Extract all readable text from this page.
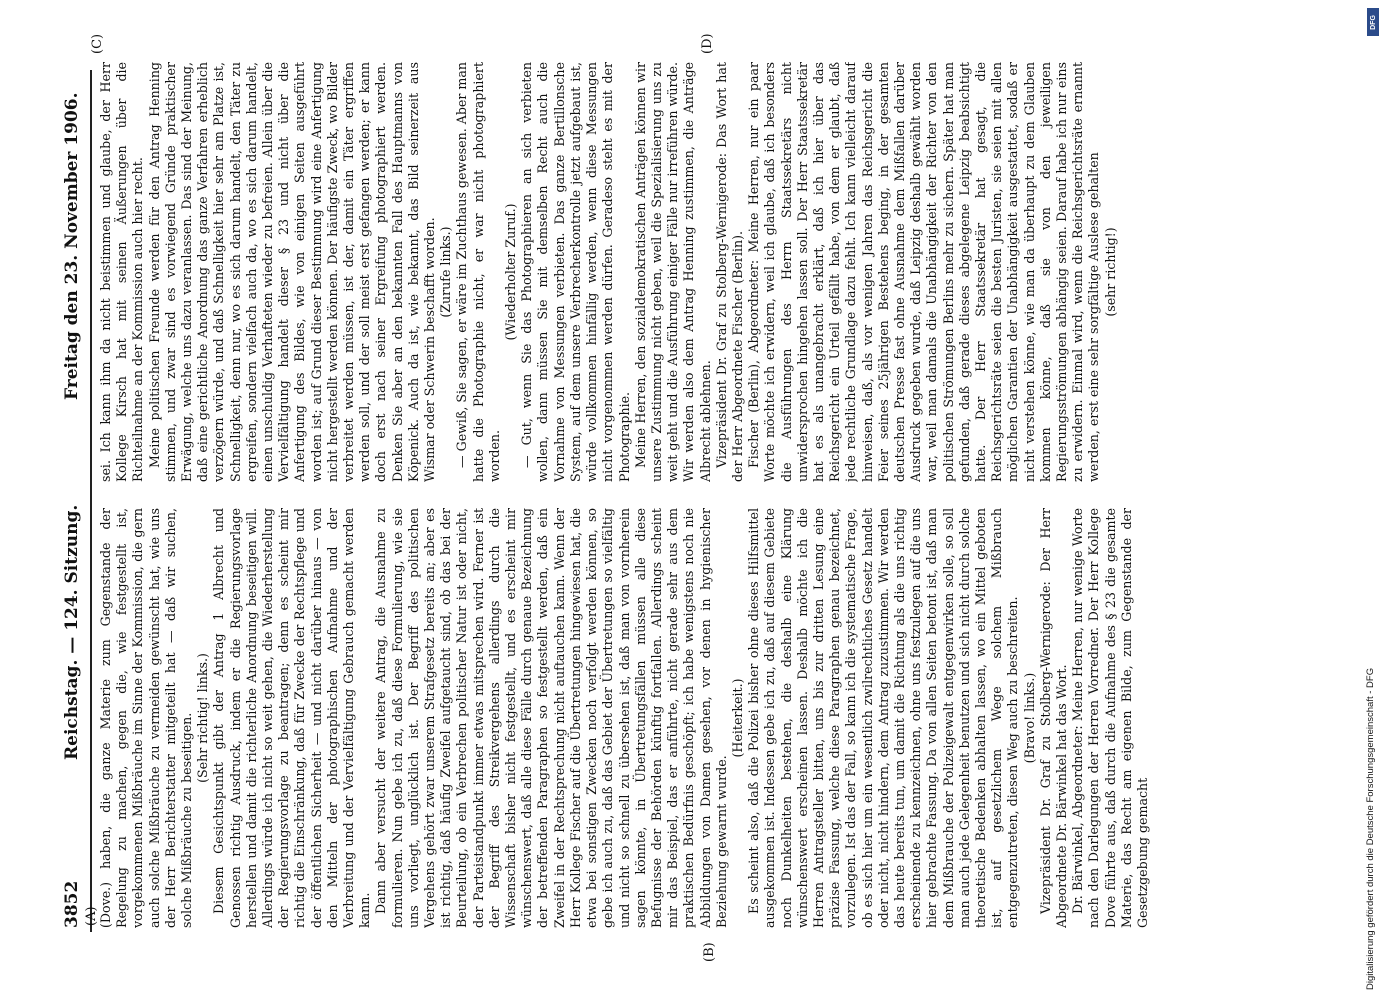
3852
Reichstag. — 124. Sitzung.
Freitag den 23. November 1906.
(C)	(D)

(Dove.) haben, die ganze Materie zum Gegenstande der Regelung zu machen, gegen die, wie festgestellt ist, vorgekommenen Mißbräuche im Sinne der Kommission, die gern auch solche Mißbräuche zu vermeiden gewünscht hat, wie uns der Herr Berichterstatter mitgeteilt hat — daß wir suchen, solche Mißbräuche zu beseitigen. (Sehr richtig! links.) Diesem Gesichtspunkt gibt der Antrag 1 Albrecht und Genossen richtig Ausdruck, indem er die Regierungsvorlage herstellen und damit die richterliche Anordnung beseitigen will. Allerdings würde ich nicht so weit gehen, die Wiederherstellung der Regierungsvorlage zu beantragen; denn es scheint mir richtig die Einschränkung, daß für Zwecke der Rechtspflege und der öffentlichen Sicherheit — und nicht darüber hinaus — von den Mitteln der photographischen Aufnahme und der Verbreitung und der Vervielfältigung Gebrauch gemacht werden kann. Dann aber versucht der weitere Antrag, die Ausnahme zu formulieren. Nun gebe ich zu, daß diese Formulierung, wie sie uns vorliegt, unglücklich ist. Der Begriff des politischen Vergehens gehört zwar unserem Strafgesetz bereits an; aber es ist richtig, daß häufig Zweifel aufgetaucht sind, ob das bei der Beurteilung, ob ein Verbrechen politischer Natur ist oder nicht, der Parteistandpunkt immer etwas mitsprechen wird. Ferner ist der Begriff des Streikvergehens allerdings durch die Wissenschaft bisher nicht festgestellt, und es erscheint mir wünschenswert, daß alle diese Fälle durch genaue Bezeichnung der betreffenden Paragraphen so festgestellt werden, daß ein Zweifel in der Rechtsprechung nicht auftauchen kann. Wenn der Herr Kollege Fischer auf die Übertretungen hingewiesen hat, die etwa bei sonstigen Zwecken noch verfolgt werden können, so gebe ich auch zu, daß das Gebiet der Übertretungen so vielfältig und nicht so schnell zu übersehen ist, daß man von vornherein sagen könnte, in Übertretungsfällen müssen alle diese Befugnisse der Behörden künftig fortfallen. Allerdings scheint mir das Beispiel, das er anführte, nicht gerade sehr aus dem praktischen Bedürfnis geschöpft; ich habe wenigstens noch nie Abbildungen von Damen gesehen, vor denen in hygienischer Beziehung gewarnt wurde.

(Heiterkeit.) Es scheint also, daß die Polizei bisher ohne dieses Hilfsmittel ausgekommen ist. Indessen gebe ich zu, daß auf diesem Gebiete noch Dunkelheiten bestehen, die deshalb eine Klärung wünschenswert erscheinen lassen. Deshalb möchte ich die Herren Antragsteller bitten, uns bis zur dritten Lesung eine präzise Fassung, welche diese Paragraphen genau bezeichnet, vorzulegen. Ist das der Fall, so kann ich die systematische Frage, ob es sich hier um ein wesentlich zwilrechtliches Gesetz handelt oder nicht, nicht hindern, dem Antrag zuzustimmen. Wir werden das heute bereits tun, um damit die Richtung als die uns richtig erscheinende zu kennzeichnen, ohne uns festzulegen auf die uns hier gebrachte Fassung. Da von allen Seiten betont ist, daß man dem Mißbrauche der Polizeigewalt entgegenwirken solle, so soll man auch jede Gelegenheit benutzen und sich nicht durch solche theoretische Bedenken abhalten lassen, wo ein Mittel geboten ist, auf gesetzlichem Wege solchem Mißbrauch entgegenzutreten, diesen Weg auch zu beschreiten. (Bravo! links.) Vizepräsident Dr. Graf zu Stolberg-Wernigerode: Der Herr Abgeordnete Dr. Bärwinkel hat das Wort. Dr. Bärwinkel, Abgeordneter: Meine Herren, nur wenige Worte nach den Darlegungen der Herren Vorredner. Der Herr Kollege Dove führte aus, daß durch die Aufnahme des § 23 die gesamte Materie, das Recht am eigenen Bilde, zum Gegenstande der Gesetzgebung gemacht

sei. Ich kann ihm da nicht beistimmen und glaube, der Herr Kollege Kirsch hat mit seinen Äußerungen über die Richteilnahme an der Kommission auch hier recht. Meine politischen Freunde werden für den Antrag Henning stimmen, und zwar sind es vorwiegend Gründe praktischer Erwägung, welche uns dazu veranlassen. Das sind der Meinung, daß eine gerichtliche Anordnung das ganze Verfahren erheblich verzögern würde, und daß Schnelligkeit hier sehr am Platze ist, Schnelligkeit, denn nur, wo es sich darum handelt, den Täter zu ergreifen, sondern vielfach auch da, wo es sich darum handelt, einen unschuldig Verhafteten wieder zu befreien. Allein über die Vervielfältigung handelt dieser § 23 und nicht über die Anfertigung des Bildes, wie von einigen Seiten ausgeführt worden ist; auf Grund dieser Bestimmung wird eine Anfertigung nicht hergestellt werden können. Der häufigste Zweck, wo Bilder verbreitet werden müssen, ist der, damit ein Täter ergriffen werden soll, und der soll meist erst gefangen werden; er kann doch erst nach seiner Ergreifung photographiert werden. Denken Sie aber an den bekannten Fall des Hauptmanns von Köpenick. Auch da ist, wie bekannt, das Bild seinerzeit aus Wismar oder Schwerin beschafft worden. (Zurufe links.) — Gewiß, Sie sagen, er wäre im Zuchthaus gewesen. Aber man hatte die Photographie nicht, er war nicht photographiert worden.

(Wiederholter Zuruf.) — Gut, wenn Sie das Photographieren an sich verbieten wollen, dann müssen Sie mit demselben Recht auch die Vornahme von Messungen verbieten. Das ganze Bertillonsche System, auf dem unsere Verbrecherkontrolle jetzt aufgebaut ist, würde vollkommen hinfällig werden, wenn diese Messungen nicht vorgenommen werden dürfen. Geradeso steht es mit der Photographie. Meine Herren, den sozialdemokratischen Anträgen können wir unsere Zustimmung nicht geben, weil die Spezialisierung uns zu weit geht und die Ausführung einiger Fälle nur irreführen würde. Wir werden also dem Antrag Henning zustimmen, die Anträge Albrecht ablehnen. Vizepräsident Dr. Graf zu Stolberg-Wernigerode: Das Wort hat der Herr Abgeordnete Fischer (Berlin). Fischer (Berlin), Abgeordneter: Meine Herren, nur ein paar Worte möchte ich erwidern, weil ich glaube, daß ich besonders die Ausführungen des Herrn Staatssekretärs nicht unwidersprochen hingehen lassen soll. Der Herr Staatssekretär hat es als unangebracht erklärt, daß ich hier über das Reichsgericht ein Urteil gefällt habe, von dem er glaubt, daß jede rechtliche Grundlage dazu fehlt. Ich kann vielleicht darauf hinweisen, daß, als vor wenigen Jahren das Reichsgericht die Feier seines 25jährigen Bestehens beging, in der gesamten deutschen Presse fast ohne Ausnahme dem Mißfallen darüber Ausdruck gegeben wurde, daß Leipzig deshalb gewählt worden war, weil man damals die Unabhängigkeit der Richter von den politischen Strömungen Berlins mehr zu sichern. Später hat man gefunden, daß gerade dieses abgelegene Leipzig beabsichtigt hatte. Der Herr Staatssekretär hat gesagt, die Reichsgerichtsräte seien die besten Juristen, sie seien mit allen möglichen Garantien der Unabhängigkeit ausgestattet, sodaß er nicht verstehen könne, wie man da überhaupt zu dem Glauben kommen könne, daß sie von den jeweiligen Regierungsströmungen abhängig seien. Darauf habe ich nur eins zu erwidern. Einmal wird, wenn die Reichsgerichtsräte ernannt werden, erst eine sehr sorgfältige Auslese gehalten (sehr richtig!)

(A)
(B)	Digitalisierung gefördert durch die Deutsche Forschungsgemeinschaft - DFG
DFG
